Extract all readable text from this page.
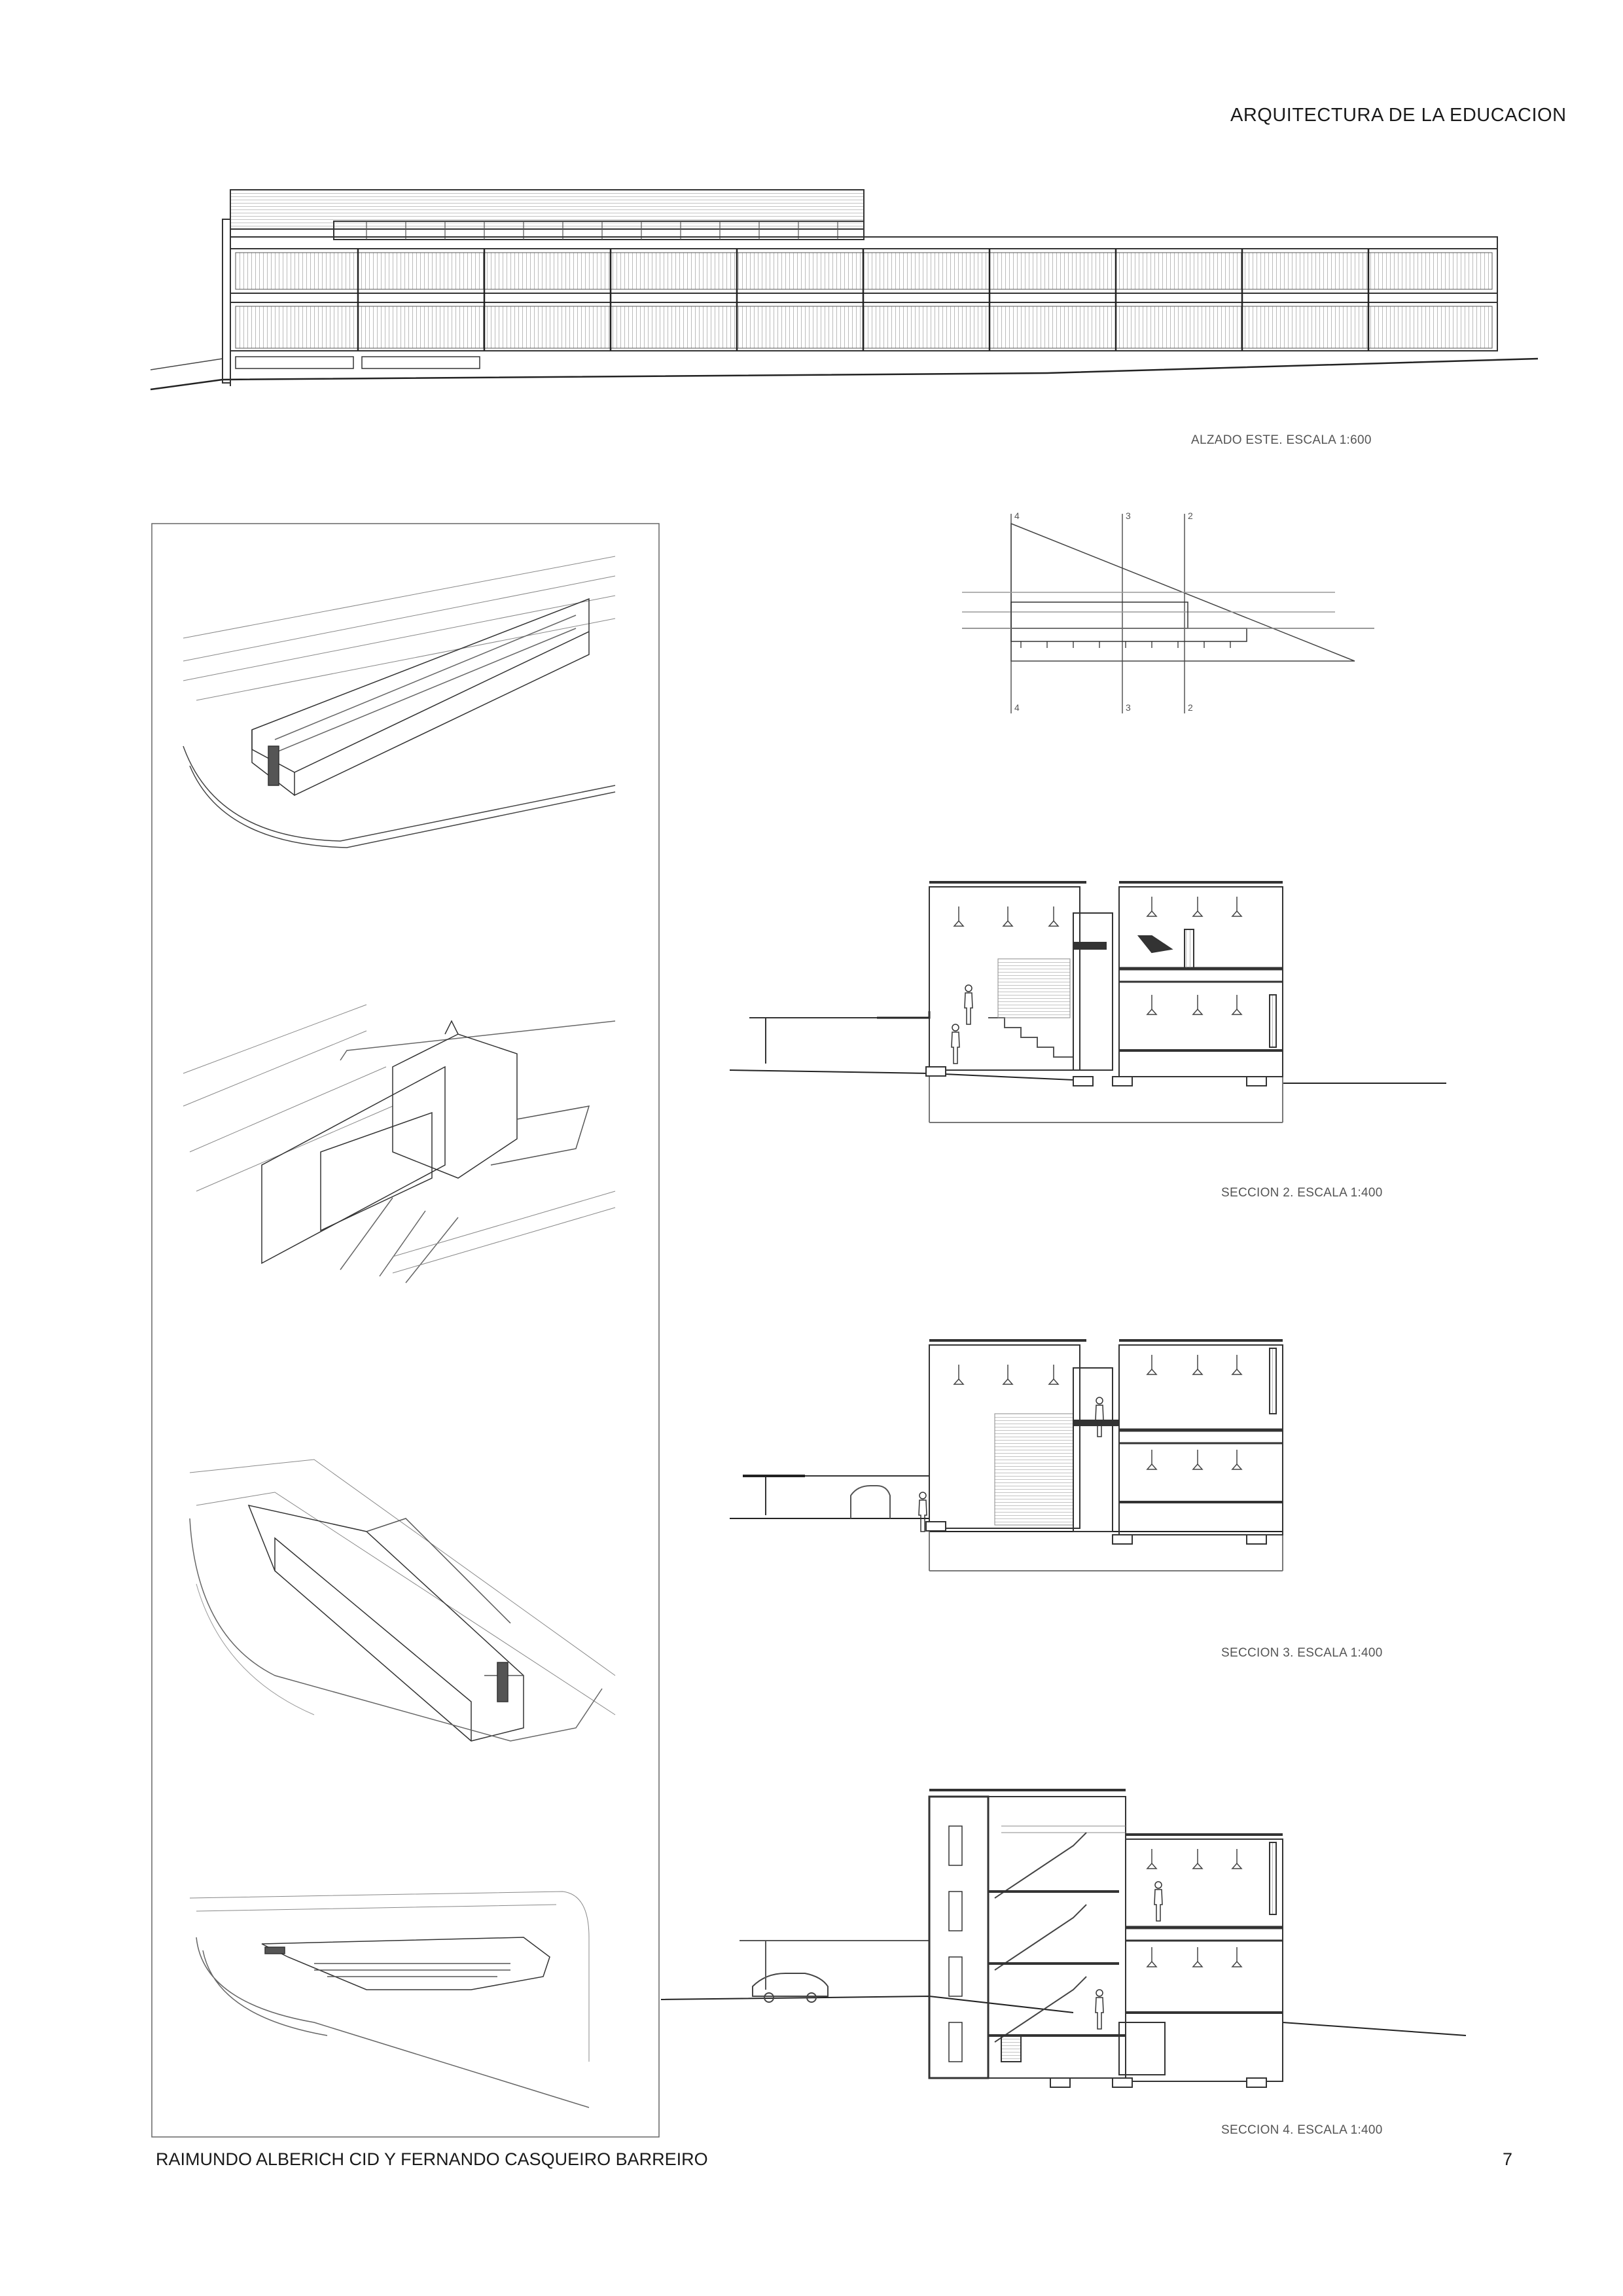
ARQUITECTURA DE LA EDUCACION
ALZADO ESTE. ESCALA 1:600
4	3	2
4	3	2
SECCION 2. ESCALA 1:400
SECCION 3. ESCALA 1:400
SECCION 4. ESCALA 1:400
RAIMUNDO ALBERICH CID Y FERNANDO CASQUEIRO BARREIRO	7
